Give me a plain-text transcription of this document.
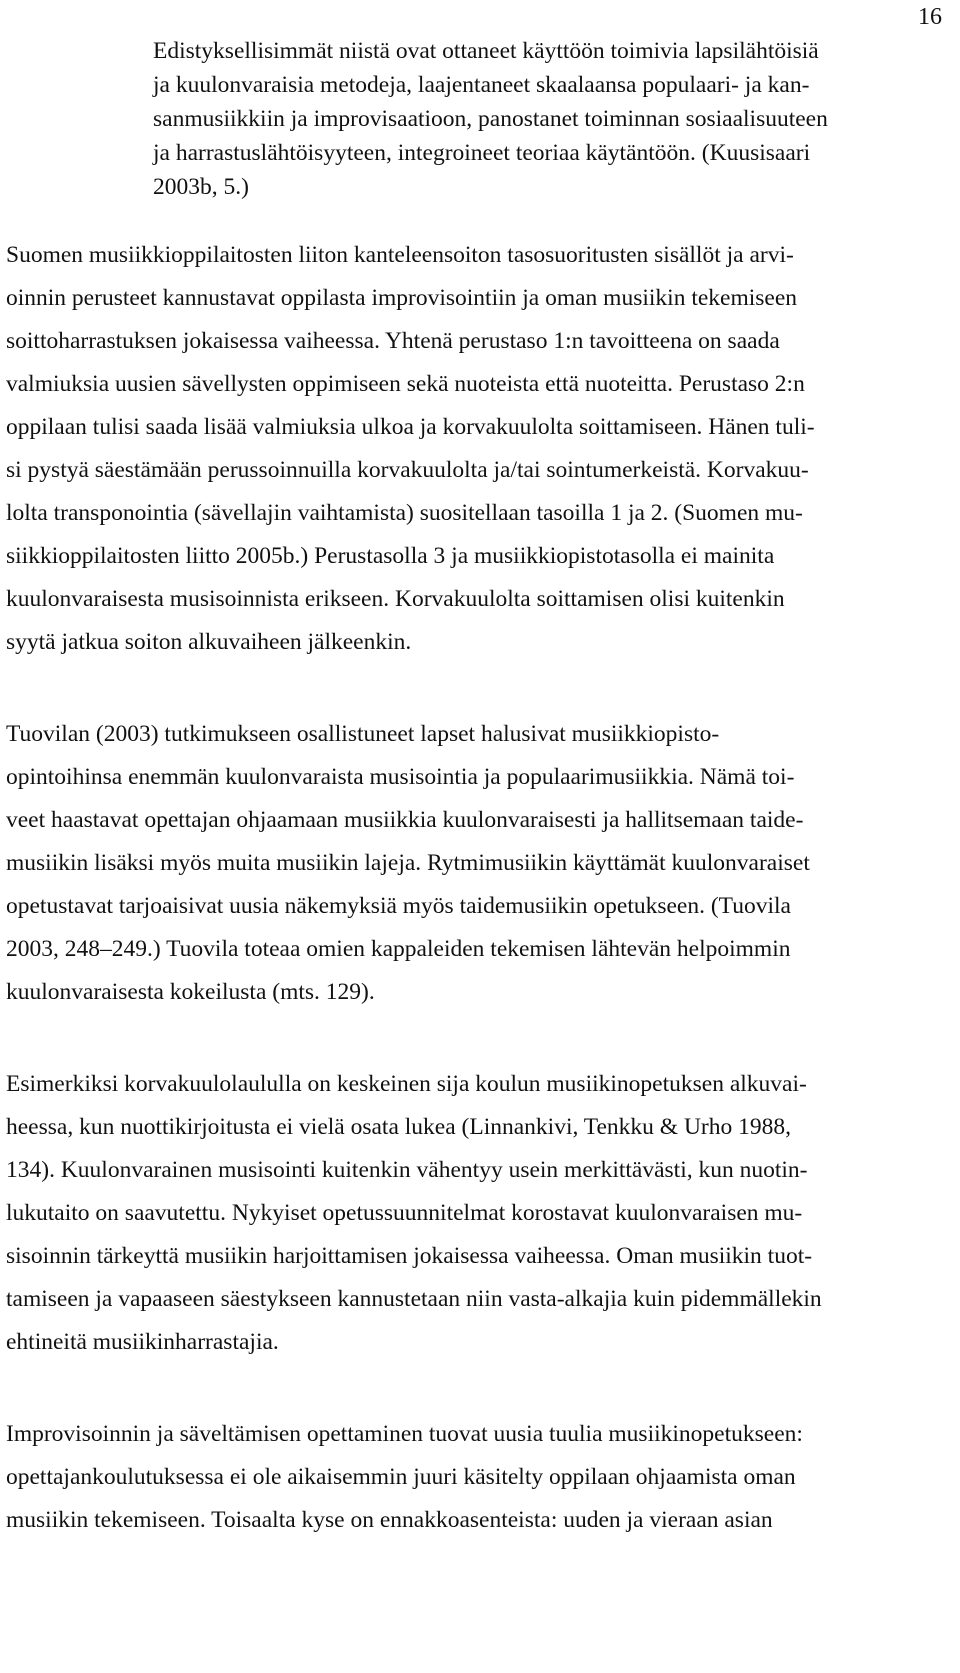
16

Edistyksellisimmät niistä ovat ottaneet käyttöön toimivia lapsilähtöisiä

ja kuulonvaraisia metodeja, laajentaneet skaalaansa populaari- ja kan-

sanmusiikkiin ja improvisaatioon, panostanet toiminnan sosiaalisuuteen

ja harrastuslähtöisyyteen, integroineet teoriaa käytäntöön. (Kuusisaari

2003b, 5.)

Suomen musiikkioppilaitosten liiton kanteleensoiton tasosuoritusten sisällöt ja arvi-

oinnin perusteet kannustavat oppilasta improvisointiin ja oman musiikin tekemiseen

soittoharrastuksen jokaisessa vaiheessa. Yhtenä perustaso 1:n tavoitteena on saada

valmiuksia uusien sävellysten oppimiseen sekä nuoteista että nuoteitta. Perustaso 2:n

oppilaan tulisi saada lisää valmiuksia ulkoa ja korvakuulolta soittamiseen. Hänen tuli-

si pystyä säestämään perussoinnuilla korvakuulolta ja/tai sointumerkeistä. Korvakuu-

lolta transponointia (sävellajin vaihtamista) suositellaan tasoilla 1 ja 2. (Suomen mu-

siikkioppilaitosten liitto 2005b.) Perustasolla 3 ja musiikkiopistotasolla ei mainita

kuulonvaraisesta musisoinnista erikseen. Korvakuulolta soittamisen olisi kuitenkin

syytä jatkua soiton alkuvaiheen jälkeenkin.

Tuovilan (2003) tutkimukseen osallistuneet lapset halusivat musiikkiopisto-

opintoihinsa enemmän kuulonvaraista musisointia ja populaarimusiikkia. Nämä toi-

veet haastavat opettajan ohjaamaan musiikkia kuulonvaraisesti ja hallitsemaan taide-

musiikin lisäksi myös muita musiikin lajeja. Rytmimusiikin käyttämät kuulonvaraiset

opetustavat tarjoaisivat uusia näkemyksiä myös taidemusiikin opetukseen. (Tuovila

2003, 248–249.) Tuovila toteaa omien kappaleiden tekemisen lähtevän helpoimmin

kuulonvaraisesta kokeilusta (mts. 129).

Esimerkiksi korvakuulolaululla on keskeinen sija koulun musiikinopetuksen alkuvai-

heessa, kun nuottikirjoitusta ei vielä osata lukea (Linnankivi, Tenkku & Urho 1988,

134). Kuulonvarainen musisointi kuitenkin vähentyy usein merkittävästi, kun nuotin-

lukutaito on saavutettu. Nykyiset opetussuunnitelmat korostavat kuulonvaraisen mu-

sisoinnin tärkeyttä musiikin harjoittamisen jokaisessa vaiheessa. Oman musiikin tuot-

tamiseen ja vapaaseen säestykseen kannustetaan niin vasta-alkajia kuin pidemmällekin

ehtineitä musiikinharrastajia.

Improvisoinnin ja säveltämisen opettaminen tuovat uusia tuulia musiikinopetukseen:

opettajankoulutuksessa ei ole aikaisemmin juuri käsitelty oppilaan ohjaamista oman

musiikin tekemiseen. Toisaalta kyse on ennakkoasenteista: uuden ja vieraan asian
